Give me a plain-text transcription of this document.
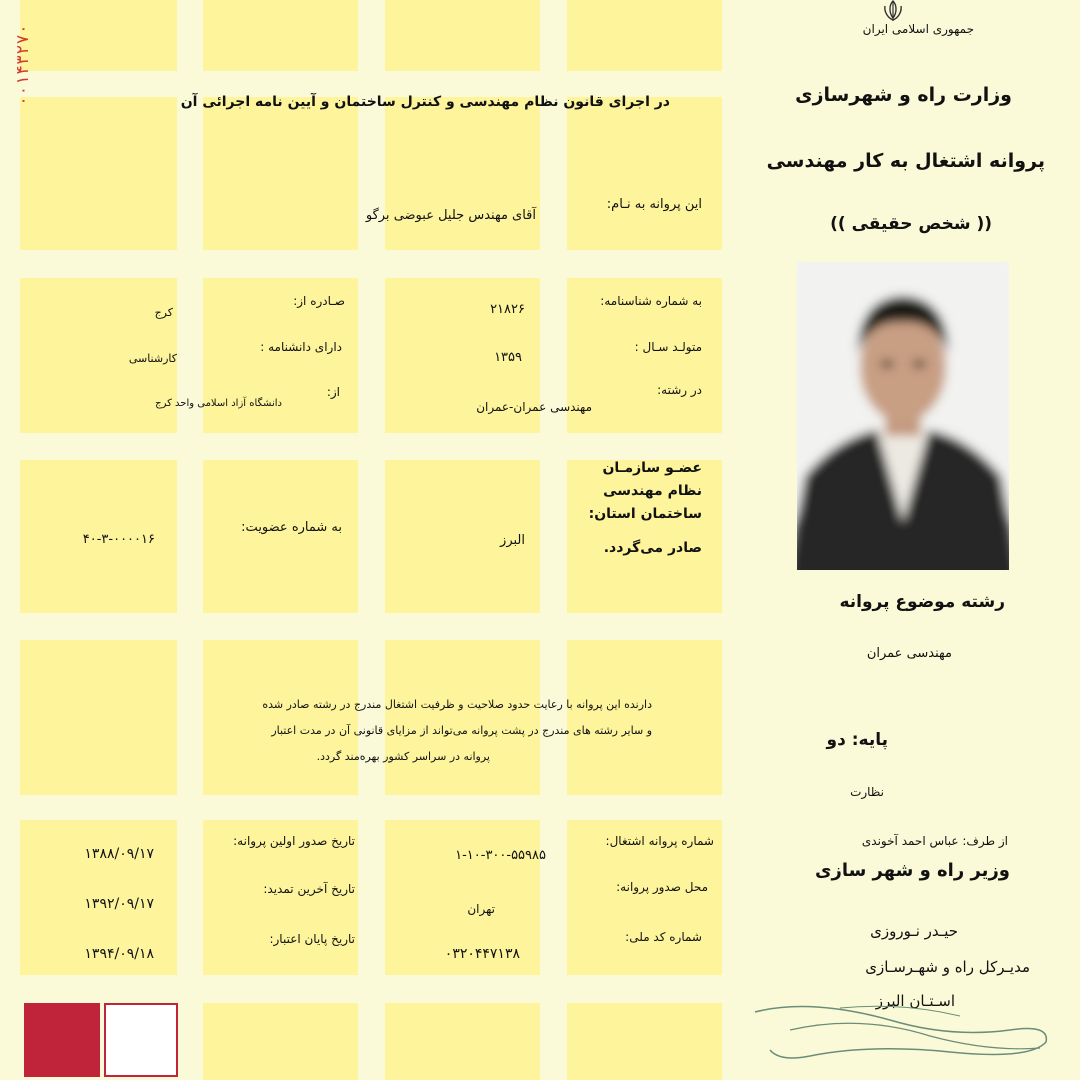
۰۰۱۴۳۲۷۰	جمهوری اسلامی ایران
وزارت راه و شهرسازی
پروانه اشتغال به کار مهندسی
(( شخص حقیقی ))
در اجرای قانون نظام مهندسی و کنترل ساختمان و آیین نامه اجرائی آن
این پروانه به نـام:
آقای مهندس جلیل عبوضی برگو
به شماره شناسنامه:
۲۱۸۲۶
متولـد سـال :
۱۳۵۹
در رشته:
مهندسی عمران-عمران
صـادره از:
کرج
دارای دانشنامه :
کارشناسی
از:
دانشگاه آزاد اسلامی واحد کرج
عضـو سازمـان
نظام مهندسی
ساختمان استان:
صادر می‌گردد.
البرز
به شماره عضویت:
۴۰-۳-۰۰۰۰۱۶
دارنده این پروانه با رعایت حدود صلاحیت و ظرفیت اشتغال مندرج در رشته صادر شده
و سایر رشته های مندرج در پشت پروانه می‌تواند از مزایای قانونی آن در مدت اعتبار
پروانه در سراسر کشور بهره‌مند گردد.
شماره پروانه اشتغال:
۱-۱۰-۳۰۰-۵۵۹۸۵
محل صدور پروانه:
تهران
شماره کد ملی:
۰۳۲۰۴۴۷۱۳۸
تاریخ صدور اولین پروانه:
۱۳۸۸/۰۹/۱۷
تاریخ آخرین تمدید:
۱۳۹۲/۰۹/۱۷
تاریخ پایان اعتبار:
۱۳۹۴/۰۹/۱۸
رشته موضوع پروانه
مهندسی عمران
پایه: دو
نظارت
از طرف: عباس احمد آخوندی
وزیر راه و شهر سازی
حیـدر نـوروزی
مدیـرکل راه و شهـرسـازی
اسـتـان البرز
